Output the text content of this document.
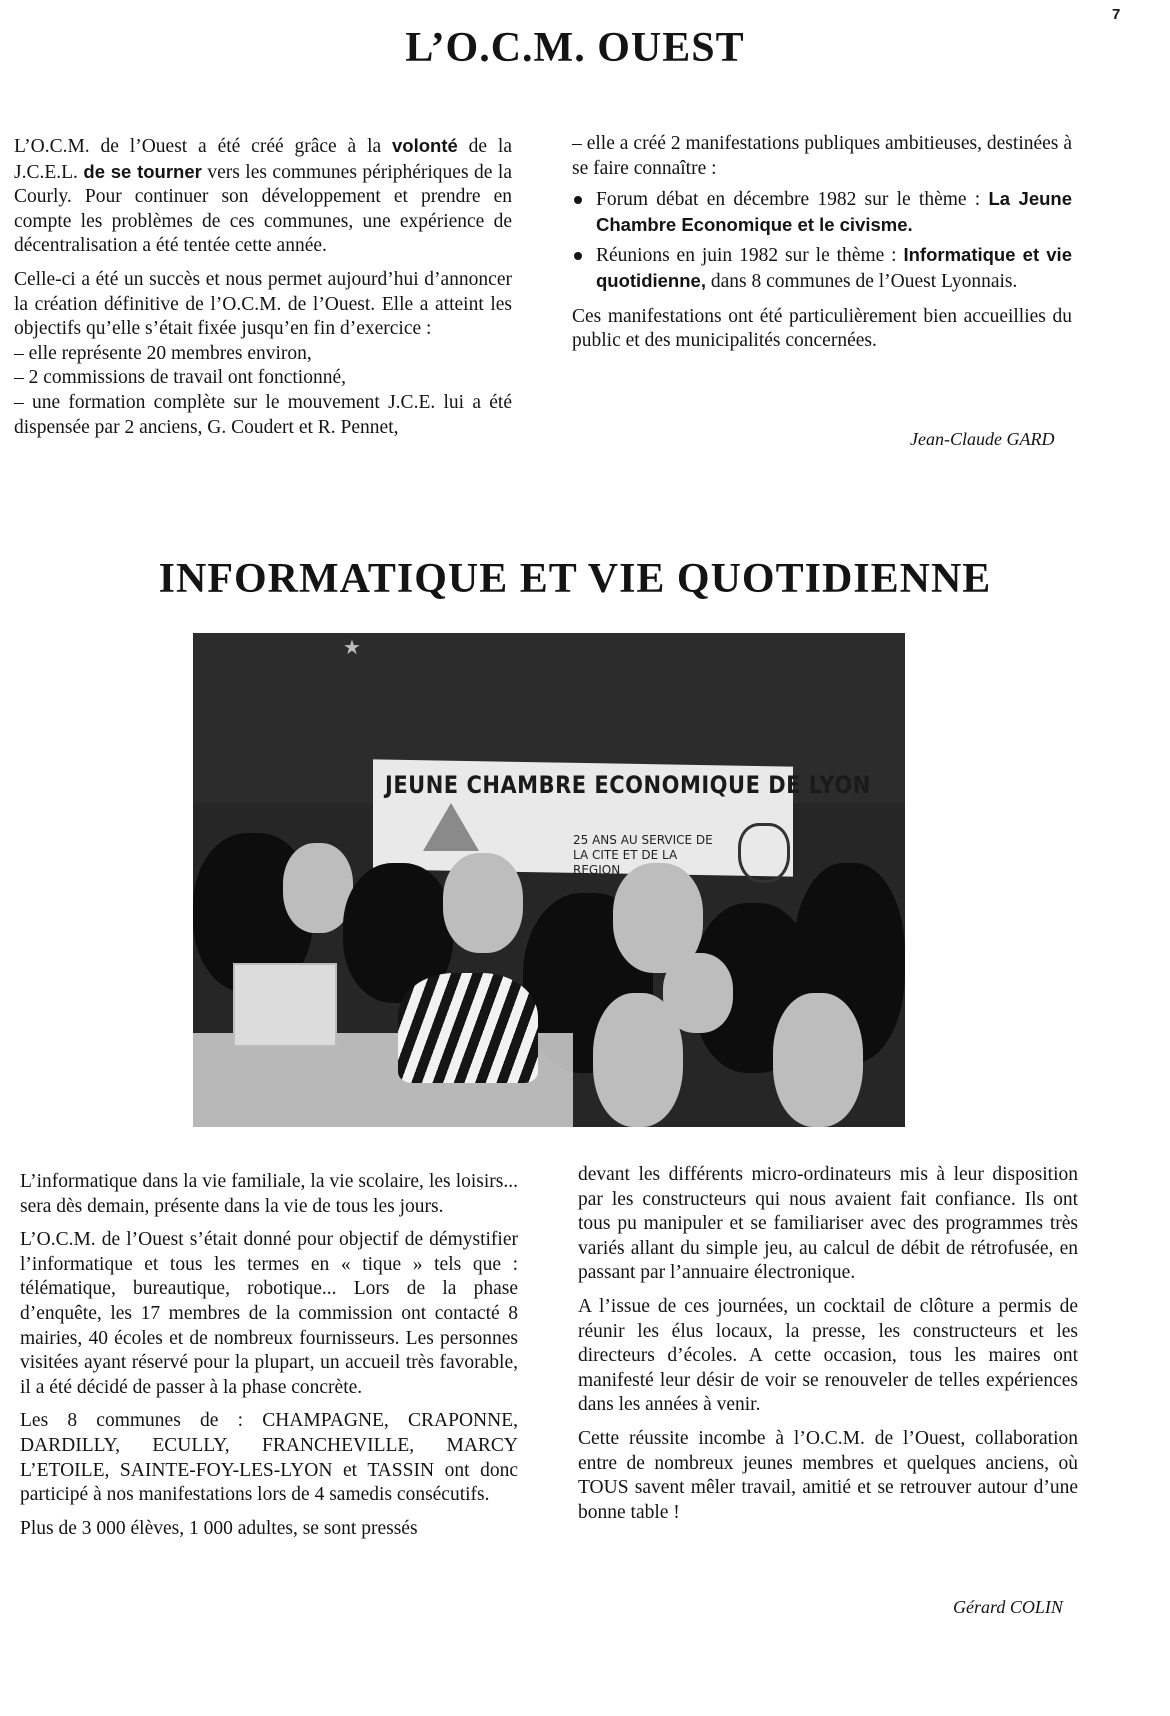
7
L’O.C.M. OUEST

L’O.C.M. de l’Ouest a été créé grâce à la volonté de la J.C.E.L. de se tourner vers les communes périphériques de la Courly. Pour continuer son développement et prendre en compte les problèmes de ces communes, une expérience de décentralisation a été tentée cette année.

Celle-ci a été un succès et nous permet aujourd’hui d’annoncer la création définitive de l’O.C.M. de l’Ouest. Elle a atteint les objectifs qu’elle s’était fixée jusqu’en fin d’exercice :

– elle représente 20 membres environ,
– 2 commissions de travail ont fonctionné,
– une formation complète sur le mouvement J.C.E. lui a été dispensée par 2 anciens, G. Coudert et R. Pennet,

– elle a créé 2 manifestations publiques ambitieuses, destinées à se faire connaître :

Forum débat en décembre 1982 sur le thème : La Jeune Chambre Economique et le civisme.
Réunions en juin 1982 sur le thème : Informatique et vie quotidienne, dans 8 communes de l’Ouest Lyonnais.

Ces manifestations ont été particulièrement bien accueillies du public et des municipalités concernées.

Jean-Claude GARD
INFORMATIQUE ET VIE QUOTIDIENNE
★
JEUNE CHAMBRE ECONOMIQUE DE LYON
25 ANS AU SERVICE DE LA CITE ET DE LA REGION

L’informatique dans la vie familiale, la vie scolaire, les loisirs... sera dès demain, présente dans la vie de tous les jours.

L’O.C.M. de l’Ouest s’était donné pour objectif de démystifier l’informatique et tous les termes en « tique » tels que : télématique, bureautique, robotique... Lors de la phase d’enquête, les 17 membres de la commission ont contacté 8 mairies, 40 écoles et de nombreux fournisseurs. Les personnes visitées ayant réservé pour la plupart, un accueil très favorable, il a été décidé de passer à la phase concrète.

Les 8 communes de : CHAMPAGNE, CRAPONNE, DARDILLY, ECULLY, FRANCHEVILLE, MARCY L’ETOILE, SAINTE-FOY-LES-LYON et TASSIN ont donc participé à nos manifestations lors de 4 samedis consécutifs.

Plus de 3 000 élèves, 1 000 adultes, se sont pressés

devant les différents micro-ordinateurs mis à leur disposition par les constructeurs qui nous avaient fait confiance. Ils ont tous pu manipuler et se familiariser avec des programmes très variés allant du simple jeu, au calcul de débit de rétrofusée, en passant par l’annuaire électronique.

A l’issue de ces journées, un cocktail de clôture a permis de réunir les élus locaux, la presse, les constructeurs et les directeurs d’écoles. A cette occasion, tous les maires ont manifesté leur désir de voir se renouveler de telles expériences dans les années à venir.

Cette réussite incombe à l’O.C.M. de l’Ouest, collaboration entre de nombreux jeunes membres et quelques anciens, où TOUS savent mêler travail, amitié et se retrouver autour d’une bonne table !

Gérard COLIN
